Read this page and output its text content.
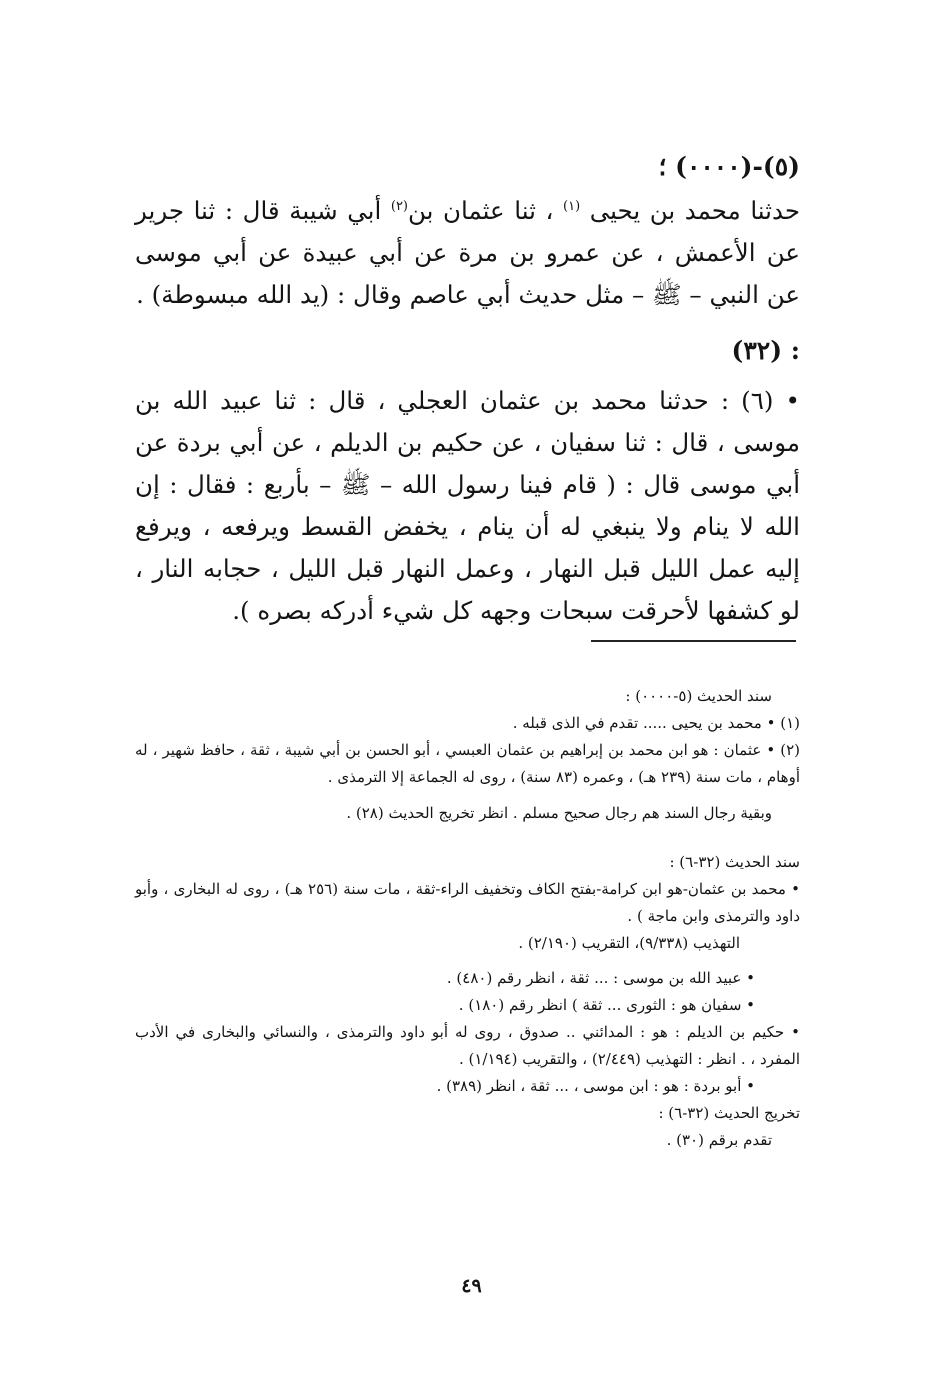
(٥)-(٠٠٠٠) ؛

حدثنا محمد بن يحيى $^{(١)}$ ، ثنا عثمان بن$^{(٢)}$ أبي شيبة قال : ثنا جرير عن الأعمش ، عن عمرو بن مرة عن أبي عبيدة عن أبي موسى عن النبي – ﷺ – مثل حديث أبي عاصم وقال : (يد الله مبسوطة) .

: (٣٢)

• (٦) : حدثنا محمد بن عثمان العجلي ، قال : ثنا عبيد الله بن موسى ، قال : ثنا سفيان ، عن حكيم بن الديلم ، عن أبي بردة عن أبي موسى قال : ( قام فينا رسول الله – ﷺ – بأربع : فقال : إن الله لا ينام ولا ينبغي له أن ينام ، يخفض القسط ويرفعه ، ويرفع إليه عمل الليل قبل النهار ، وعمل النهار قبل الليل ، حجابه النار ، لو كشفها لأحرقت سبحات وجهه كل شيء أدركه بصره ).

سند الحديث (٥-٠٠٠٠) :

(١) • محمد بن يحيى ..... تقدم في الذى قبله .

(٢) • عثمان : هو ابن محمد بن إبراهيم بن عثمان العبسي ، أبو الحسن بن أبي شيبة ، ثقة ، حافظ شهير ، له أوهام ، مات سنة (٢٣٩ هـ) ، وعمره (٨٣ سنة) ، روى له الجماعة إلا الترمذى .

وبقية رجال السند هم رجال صحيح مسلم . انظر تخريج الحديث (٢٨) .

سند الحديث (٣٢-٦) :

• محمد بن عثمان-هو ابن كرامة-بفتح الكاف وتخفيف الراء-ثقة ، مات سنة (٢٥٦ هـ) ، روى له البخارى ، وأبو داود والترمذى وابن ماجة ) .

التهذيب (٩/٣٣٨)، التقريب (٢/١٩٠) .

• عبيد الله بن موسى : ... ثقة ، انظر رقم (٤٨٠) .

• سفيان هو : الثورى ... ثقة ) انظر رقم (١٨٠) .

• حكيم بن الديلم : هو : المدائني .. صدوق ، روى له أبو داود والترمذى ، والنسائي والبخارى في الأدب المفرد ، . انظر : التهذيب (٢/٤٤٩) ، والتقريب (١/١٩٤) .

• أبو بردة : هو : ابن موسى ، ... ثقة ، انظر (٣٨٩) .

تخريج الحديث (٣٢-٦) :

تقدم برقم (٣٠) .

٤٩
